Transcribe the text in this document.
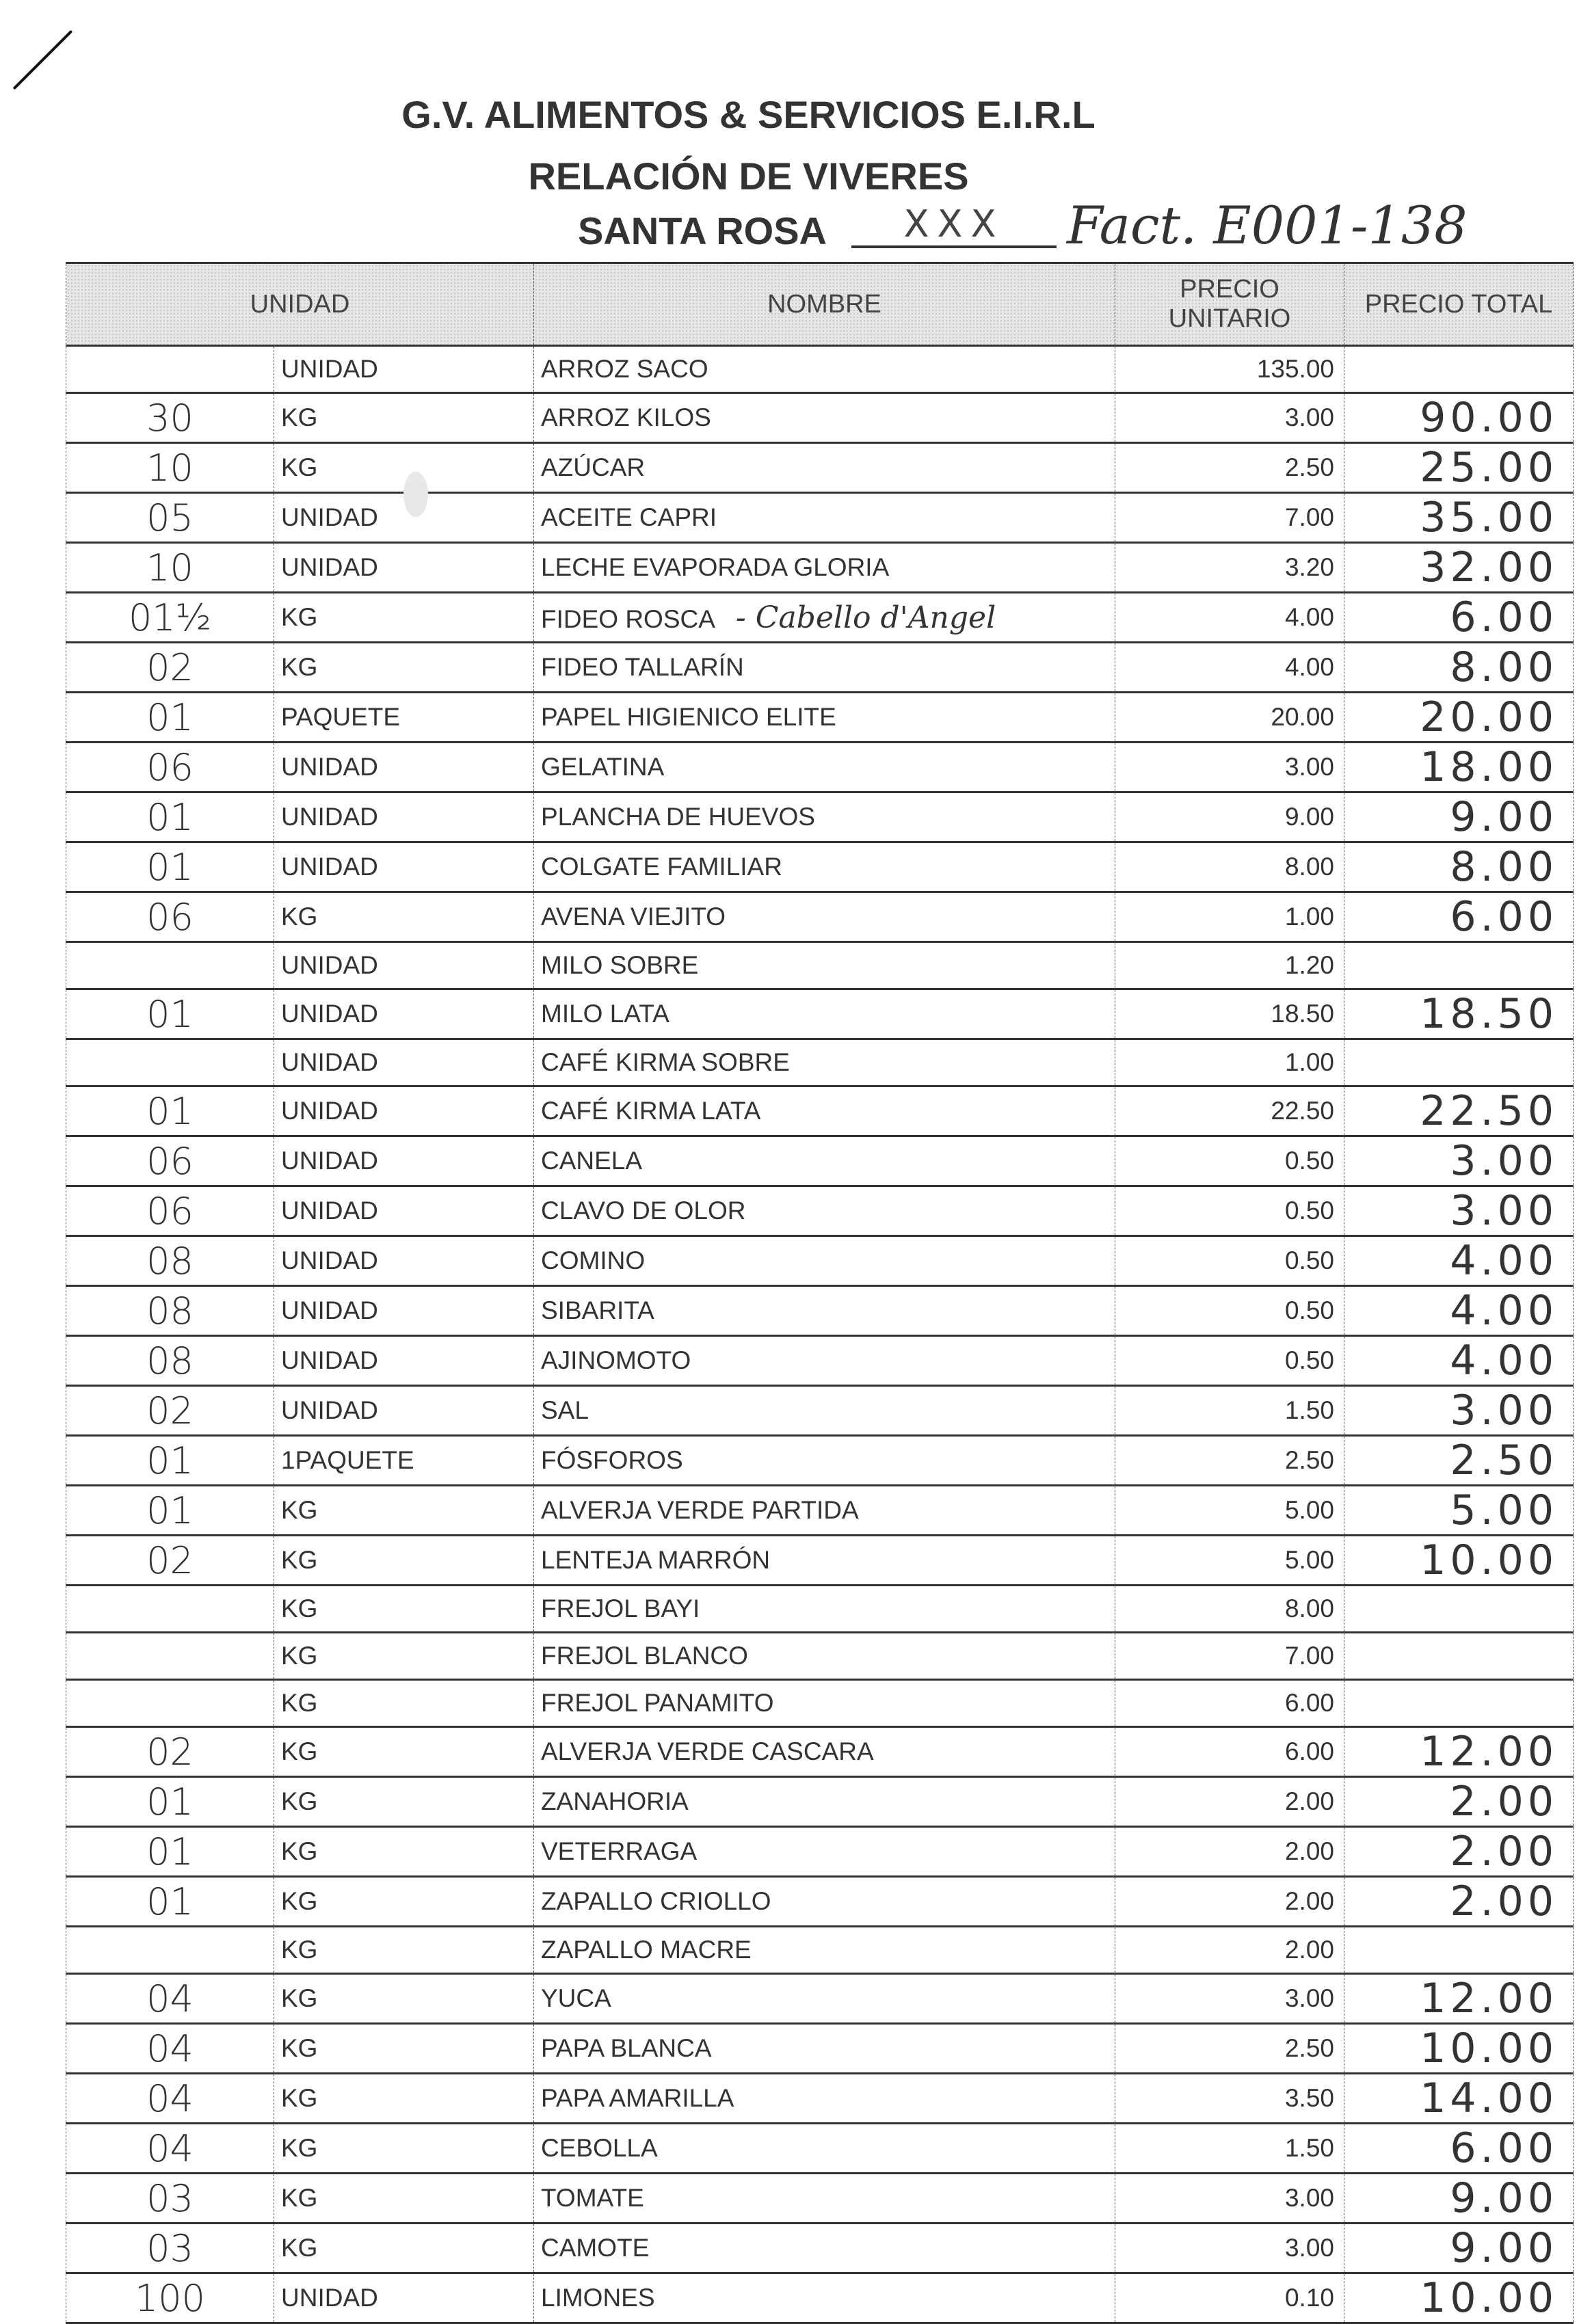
G.V. ALIMENTOS & SERVICIOS E.I.R.L
RELACIÓN DE VIVERES
SANTA ROSA	XXX	Fact. E001-138
UNIDAD		NOMBRE	PRECIO UNITARIO	PRECIO TOTAL
	UNIDAD	ARROZ SACO	135.00	
30	KG	ARROZ KILOS	3.00	90.00
10	KG	AZÚCAR	2.50	25.00
05	UNIDAD	ACEITE CAPRI	7.00	35.00
10	UNIDAD	LECHE EVAPORADA GLORIA	3.20	32.00
01½	KG	FIDEO ROSCA - Cabello d'Angel	4.00	6.00
02	KG	FIDEO TALLARÍN	4.00	8.00
01	PAQUETE	PAPEL HIGIENICO ELITE	20.00	20.00
06	UNIDAD	GELATINA	3.00	18.00
01	UNIDAD	PLANCHA DE HUEVOS	9.00	9.00
01	UNIDAD	COLGATE FAMILIAR	8.00	8.00
06	KG	AVENA VIEJITO	1.00	6.00
	UNIDAD	MILO SOBRE	1.20	
01	UNIDAD	MILO LATA	18.50	18.50
	UNIDAD	CAFÉ KIRMA SOBRE	1.00	
01	UNIDAD	CAFÉ KIRMA LATA	22.50	22.50
06	UNIDAD	CANELA	0.50	3.00
06	UNIDAD	CLAVO DE OLOR	0.50	3.00
08	UNIDAD	COMINO	0.50	4.00
08	UNIDAD	SIBARITA	0.50	4.00
08	UNIDAD	AJINOMOTO	0.50	4.00
02	UNIDAD	SAL	1.50	3.00
01	1PAQUETE	FÓSFOROS	2.50	2.50
01	KG	ALVERJA VERDE PARTIDA	5.00	5.00
02	KG	LENTEJA MARRÓN	5.00	10.00
	KG	FREJOL BAYI	8.00	
	KG	FREJOL BLANCO	7.00	
	KG	FREJOL PANAMITO	6.00	
02	KG	ALVERJA VERDE CASCARA	6.00	12.00
01	KG	ZANAHORIA	2.00	2.00
01	KG	VETERRAGA	2.00	2.00
01	KG	ZAPALLO CRIOLLO	2.00	2.00
	KG	ZAPALLO MACRE	2.00	
04	KG	YUCA	3.00	12.00
04	KG	PAPA BLANCA	2.50	10.00
04	KG	PAPA AMARILLA	3.50	14.00
04	KG	CEBOLLA	1.50	6.00
03	KG	TOMATE	3.00	9.00
03	KG	CAMOTE	3.00	9.00
100	UNIDAD	LIMONES	0.10	10.00
